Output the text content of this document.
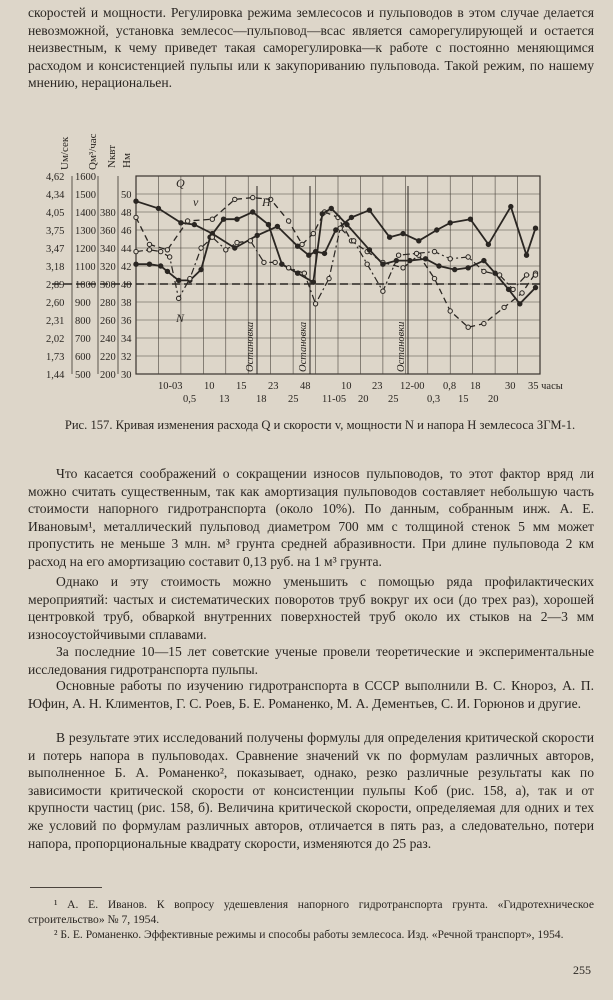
скоростей и мощности. Регулировка режима землесосов и пульповодов в этом случае делается невозможной, установка землесос—пульповод—всас является саморегулирующей и остается неизвестным, к чему приведет такая саморегулировка—к работе с постоянно меняющимся расходом и консистенцией пульпы или к закупориванию пульповода. Такой режим, по нашему мнению, нерациональен.

Uм/сек Qм³/час Nквт Hм
4,62
4,34
4,05
3,75
3,47
3,18
2,89
2,60
2,31
2,02
1,73
1,44
1600
1500
1400
1300
1200
1100
1000
900
800
700
600
500
380
360
340
320
300
280
260
240
220
200
50
48
46
44
42
40
38
36
34
32
30
10-03 10 15 23 48	10 23 12-00 0,8 18 30 35 часы
0,5 13	18 25 11-05 20 25	0,3 15 20
Q
v	H
N
Остановка	Остановка	Остановки
Рис. 157. Кривая изменения расхода Q и скорости v, мощности N и напора H землесоса ЗГМ-1.

Что касается соображений о сокращении износов пульповодов, то этот фактор вряд ли можно считать существенным, так как амортизация пульповодов составляет небольшую часть стоимости напорного гидротранспорта (около 10%). По данным, собранным инж. А. Е. Ивановым¹, металлический пульповод диаметром 700 мм с толщиной стенок 5 мм может пропустить не меньше 3 млн. м³ грунта средней абразивности. При длине пульповода 2 км расход на его амортизацию составит 0,13 руб. на 1 м³ грунта.

Однако и эту стоимость можно уменьшить с помощью ряда профилактических мероприятий: частых и систематических поворотов труб вокруг их оси (до трех раз), хорошей центровкой труб, обваркой внутренних поверхностей труб около их стыков на 2—3 мм износоустойчивыми сплавами.

За последние 10—15 лет советские ученые провели теоретические и экспериментальные исследования гидротранспорта пульпы.

Основные работы по изучению гидротранспорта в СССР выполнили В. С. Кнороз, А. П. Юфин, А. Н. Климентов, Г. С. Роев, Б. Е. Романенко, М. А. Дементьев, С. И. Горюнов и другие.

В результате этих исследований получены формулы для определения критической скорости и потерь напора в пульповодах. Сравнение значений vк по формулам различных авторов, выполненное Б. А. Романенко², показывает, однако, резко различные результаты как по зависимости критической скорости от консистенции пульпы Kоб (рис. 158, а), так и от крупности частиц (рис. 158, б). Величина критической скорости, определяемая для одних и тех же условий по формулам различных авторов, отличается в пять раз, а следовательно, потери напора, пропорциональные квадрату скорости, изменяются до 25 раз.

¹ А. Е. Иванов. К вопросу удешевления напорного гидротранспорта грунта. «Гидротехническое строительство» № 7, 1954.

² Б. Е. Романенко. Эффективные режимы и способы работы землесоса. Изд. «Речной транспорт», 1954.

255
